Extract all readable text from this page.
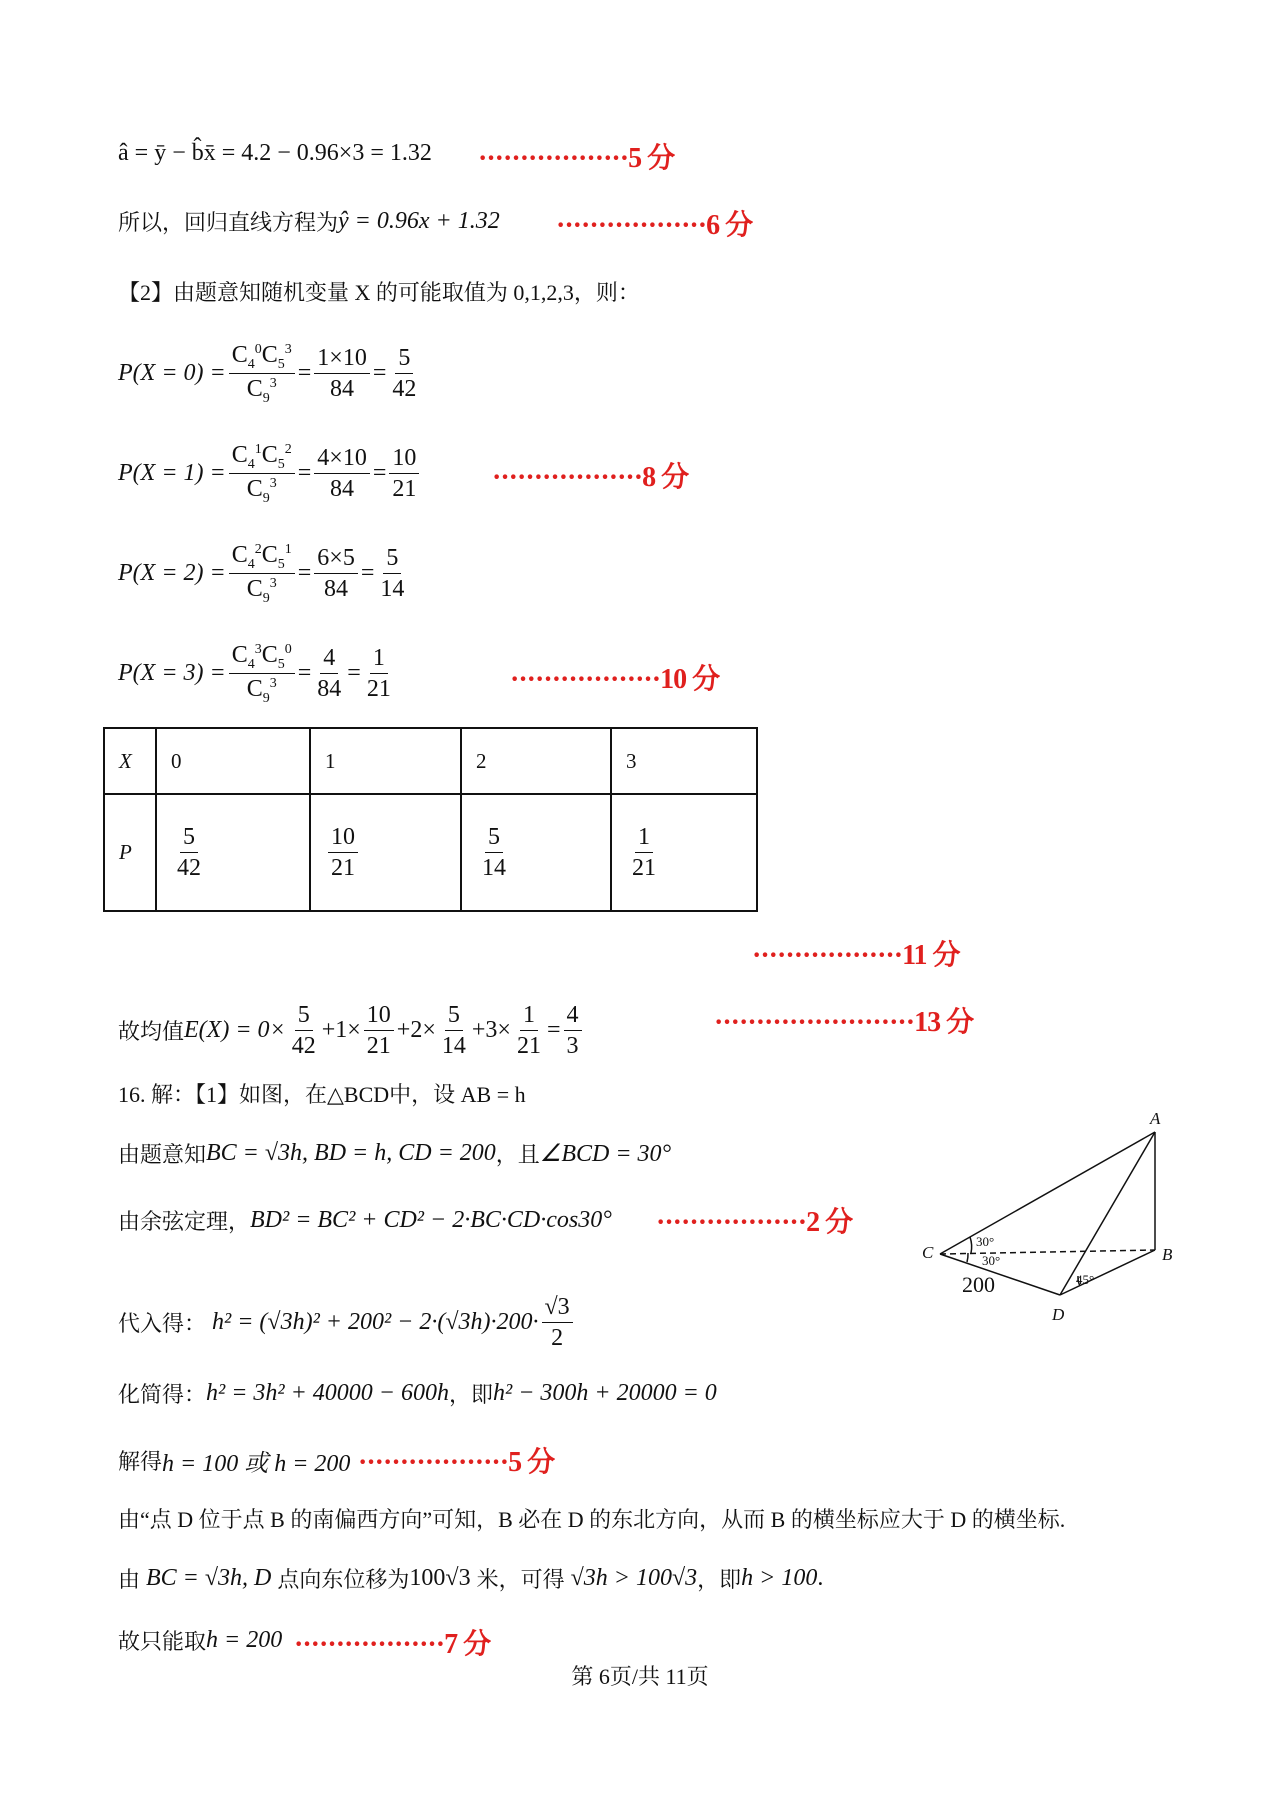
â = ȳ − b̂x̄ = 4.2 − 0.96×3 = 1.32 ··················5 分
所以，回归直线方程为 ŷ = 0.96x + 1.32 ··················6 分
【2】由题意知随机变量 X 的可能取值为 0,1,2,3，则：
$P(X = 0) = \frac{C_4^0C_5^3}{C_9^3} = \frac{1\times 10}{84} = \frac{5}{42}$
$P(X = 1) = \frac{C_4^1C_5^2}{C_9^3} = \frac{4\times 10}{84} = \frac{10}{21}$	··················8 分
$P(X = 2) = \frac{C_4^2C_5^1}{C_9^3} = \frac{6\times 5}{84} = \frac{5}{14}$
$P(X = 3) = \frac{C_4^3C_5^0}{C_9^3} = \frac{4}{84} = \frac{1}{21}$	··················10 分
X	0	1	2	3
P	$\frac{5}{42}$	$\frac{10}{21}$	$\frac{5}{14}$	$\frac{1}{21}$
··················11 分
故均值 $E(X) = 0\times \frac{5}{42} +1\times \frac{10}{21} +2\times \frac{5}{14} +3\times \frac{1}{21} = \frac{4}{3}$	························13 分
16. 解：【1】如图，在△BCD中，设 AB = h
由题意知 BC = √3h, BD = h, CD = 200 ，且 ∠BCD = 30°
由余弦定理， BD² = BC² + CD² − 2·BC·CD·cos30° ··················2 分
代入得： $h^2 = (√3h)^2 + 200^2 - 2\cdot(√3h)\cdot 200\cdot \frac{√3}{2}$
化简得： h² = 3h² + 40000 − 600h ，即 h² − 300h + 20000 = 0
解得 h = 100 或 h = 200 ··················5 分
由“点 D 位于点 B 的南偏西方向”可知，B 必在 D 的东北方向，从而 B 的横坐标应大于 D 的横坐标.
由 BC = √3h, D 点向东位移为 100√3 米，可得 √3h > 100√3 ，即 h > 100 .
故只能取 h = 200 ··················7 分
A
B
C
D
30°
30°
45°
200
第 6页/共 11页
